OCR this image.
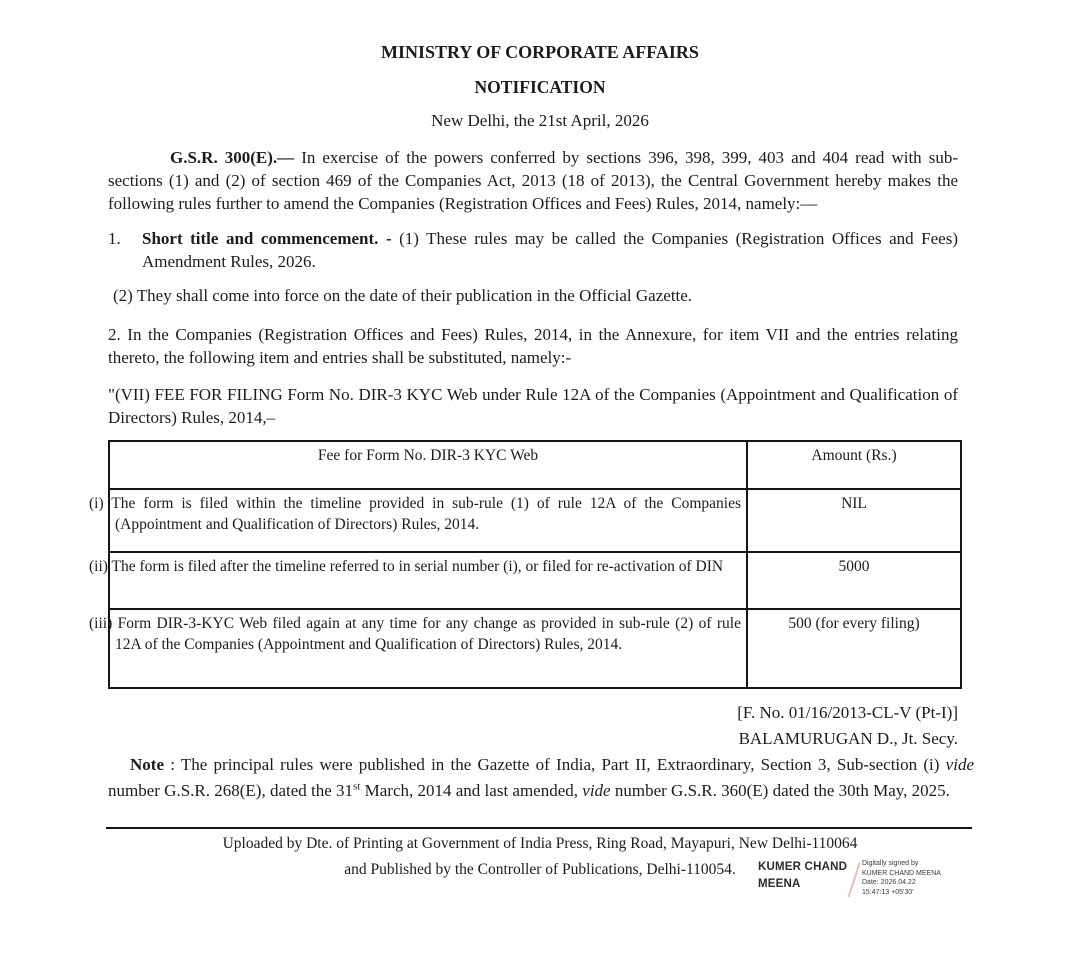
MINISTRY OF CORPORATE AFFAIRS
NOTIFICATION
New Delhi, the 21st April, 2026

G.S.R. 300(E).— In exercise of the powers conferred by sections 396, 398, 399, 403 and 404 read with sub-sections (1) and (2) of section 469 of the Companies Act, 2013 (18 of 2013), the Central Government hereby makes the following rules further to amend the Companies (Registration Offices and Fees) Rules, 2014, namely:—

1.	Short title and commencement. - (1) These rules may be called the Companies (Registration Offices and Fees) Amendment Rules, 2026.

(2) They shall come into force on the date of their publication in the Official Gazette.

2. In the Companies (Registration Offices and Fees) Rules, 2014, in the Annexure, for item VII and the entries relating thereto, the following item and entries shall be substituted, namely:-

"(VII) FEE FOR FILING Form No. DIR-3 KYC Web under Rule 12A of the Companies (Appointment and Qualification of Directors) Rules, 2014,–

Fee for Form No. DIR-3 KYC Web	Amount (Rs.)
(i) The form is filed within the timeline provided in sub-rule (1) of rule 12A of the Companies (Appointment and Qualification of Directors) Rules, 2014.	NIL
(ii) The form is filed after the timeline referred to in serial number (i), or filed for re-activation of DIN	5000
(iii) Form DIR-3-KYC Web filed again at any time for any change as provided in sub-rule (2) of rule 12A of the Companies (Appointment and Qualification of Directors) Rules, 2014.	500 (for every filing)

[F. No. 01/16/2013-CL-V (Pt-I)]

BALAMURUGAN D., Jt. Secy.

Note : The principal rules were published in the Gazette of India, Part II, Extraordinary, Section 3, Sub-section (i) vide number G.S.R. 268(E), dated the 31st March, 2014 and last amended, vide number G.S.R. 360(E) dated the 30th May, 2025.

Uploaded by Dte. of Printing at Government of India Press, Ring Road, Mayapuri, New Delhi-110064
and Published by the Controller of Publications, Delhi-110054.	KUMER CHAND MEENA
Digitally signed by
KUMER CHAND MEENA
Date: 2026.04.22
15:47:13 +05'30'
